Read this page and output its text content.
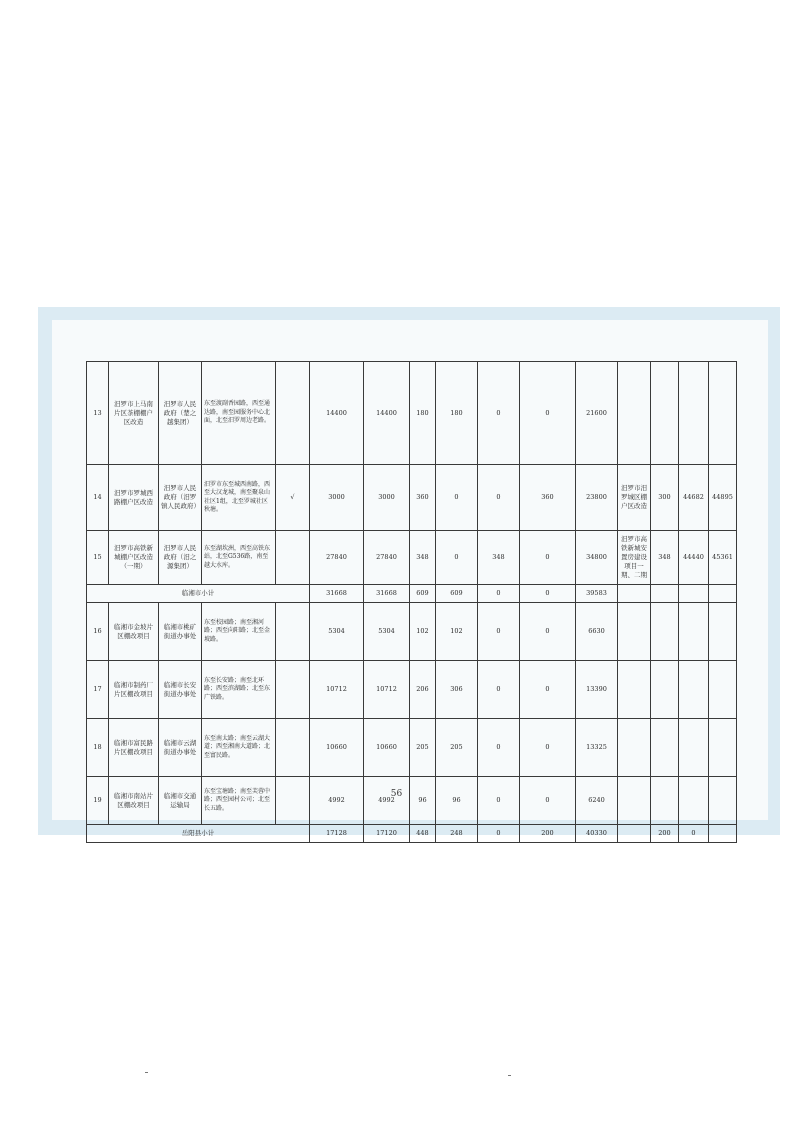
13	汨罗市上马南片区茶棚棚户区改造	汨罗市人民政府（楚之越集团）	东至渡副香园路，西至通达路，南至园服务中心北面，北至汨罗周边老路。		14400	14400	180	180	0	0	21600				
14	汨罗市罗城西路棚户区改造	汨罗市人民政府（汨罗镇人民政府）	汨罗市东至城西南路，西至大汉龙城，南至聚泉山社区1组，北至罗城社区秋塘。	√	3000	3000	360	0	0	360	23800	汨罗市汨罗城区棚户区改造	300	44682	44895
15	汨罗市高铁新城棚户区改造（一期）	汨罗市人民政府（汨之源集团）	东至湖坎洲，西至高铁东站，北至G536路，南至越大水库。		27840	27840	348	0	348	0	34800	汨罗市高铁新城安置房建设项目一期、二期	348	44440	45361
临湘市小计					31668	31668	609	609	0	0	39583				
16	临湘市金坡片区棚改项目	临湘市桃矿街道办事处	东至校园路；南至湘河路；西至向阳路；北至金坡路。		5304	5304	102	102	0	0	6630				
17	临湘市制药厂片区棚改项目	临湘市长安街道办事处	东至长安路；南至北环路；西至滨湖路；北至东广铁路。		10712	10712	206	306	0	0	13390				
18	临湘市富民路片区棚改项目	临湘市云湖街道办事处	东至南太路；南至云湖大道；西至湘南大道路；北至富民路。		10660	10660	205	205	0	0	13325				
19	临湘市南站片区棚改项目	临湘市交通运输局	东至宝塘路；南至芙蓉中路；西至园村公司；北至长五路。		4992	4992	96	96	0	0	6240				
岳阳县小计					17128	17120	448	248	0	200	40330		200	0	
56
